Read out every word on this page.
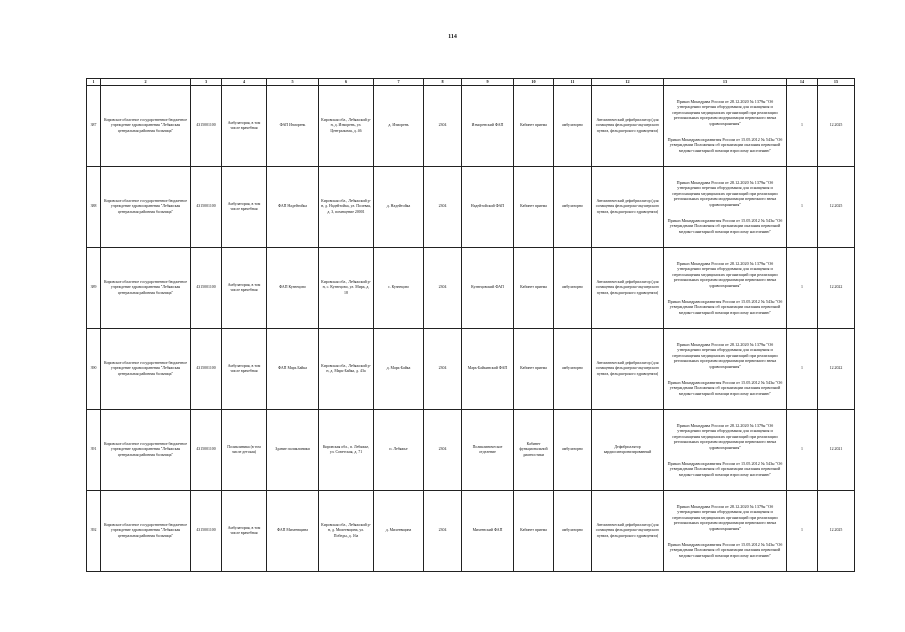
114
1	2	3	4	5	6	7	8	9	10	11	12	13	14	15
387	Кировское областное государственное бюджетное учреждение здравоохранения "Лебяжская центральная районная больница"	4315001100	Амбулатория, в том числе врачебная	ФАП Изморень	Кировская обл., Лебяжский р-н, д. Изморень, ул. Центральная, д. 46	д. Изморень	2304	Изморенский ФАП	Кабинет приема	амбулаторно	Автоматический дефибриллятор (для оснащения фельдшерско-акушерского пункта, фельдшерского здравпункта)	Приказ Минздрава России от 28.12.2020 № 1379н "Об утверждении перечня оборудования для оснащения и переоснащения медицинских организаций при реализации региональных программ модернизации первичного звена здравоохранения"
Приказ Минздравсоцразвития России от 15.05.2012 № 543н "Об утверждении Положения об организации оказания первичной медико-санитарной помощи взрослому населению"	1	12.2025
388	Кировское областное государственное бюджетное учреждение здравоохранения "Лебяжская центральная районная больница"	4315001100	Амбулатория, в том числе врачебная	ФАП Надейтойка	Кировская обл., Лебяжский р-н, д. Надейтойка, ул. Полевая, д. 3, помещение 20001	д. Надейтойка	2304	Надейтойский ФАП	Кабинет приема	амбулаторно	Автоматический дефибриллятор (для оснащения фельдшерско-акушерского пункта, фельдшерского здравпункта)	Приказ Минздрава России от 28.12.2020 № 1379н "Об утверждении перечня оборудования для оснащения и переоснащения медицинских организаций при реализации региональных программ модернизации первичного звена здравоохранения"
Приказ Минздравсоцразвития России от 15.05.2012 № 543н "Об утверждении Положения об организации оказания первичной медико-санитарной помощи взрослому населению"	1	12.2025
389	Кировское областное государственное бюджетное учреждение здравоохранения "Лебяжская центральная районная больница"	4315001100	Амбулатория, в том числе врачебная	ФАП Кузнецово	Кировская обл., Лебяжский р-н, с. Кузнецово, ул. Мира, д. 18	с. Кузнецово	2304	Кузнецовский ФАП	Кабинет приема	амбулаторно	Автоматический дефибриллятор (для оснащения фельдшерско-акушерского пункта, фельдшерского здравпункта)	Приказ Минздрава России от 28.12.2020 № 1379н "Об утверждении перечня оборудования для оснащения и переоснащения медицинских организаций при реализации региональных программ модернизации первичного звена здравоохранения"
Приказ Минздравсоцразвития России от 15.05.2012 № 543н "Об утверждении Положения об организации оказания первичной медико-санитарной помощи взрослому населению"	1	12.2022
390	Кировское областное государственное бюджетное учреждение здравоохранения "Лебяжская центральная районная больница"	4315001100	Амбулатория, в том числе врачебная	ФАП Марь Байка	Кировская обл., Лебяжский р-н, д. Марь-Байка, д. 43а	д. Марь-Байка	2304	Марь-Байкинский ФАП	Кабинет приема	амбулаторно	Автоматический дефибриллятор (для оснащения фельдшерско-акушерского пункта, фельдшерского здравпункта)	Приказ Минздрава России от 28.12.2020 № 1379н "Об утверждении перечня оборудования для оснащения и переоснащения медицинских организаций при реализации региональных программ модернизации первичного звена здравоохранения"
Приказ Минздравсоцразвития России от 15.05.2012 № 543н "Об утверждении Положения об организации оказания первичной медико-санитарной помощи взрослому населению"	1	12.2022
391	Кировское областное государственное бюджетное учреждение здравоохранения "Лебяжская центральная районная больница"	4315001100	Поликлиника (в том числе детская)	Здание поликлиники	Кировская обл., п. Лебяжье, ул. Советская, д. 71	п. Лебяжье	2304	Поликлиническое отделение	Кабинет функциональной диагностики	амбулаторно	Дефибриллятор кардиосинхронизированный	Приказ Минздрава России от 28.12.2020 № 1379н "Об утверждении перечня оборудования для оснащения и переоснащения медицинских организаций при реализации региональных программ модернизации первичного звена здравоохранения"
Приказ Минздравсоцразвития России от 15.05.2012 № 543н "Об утверждении Положения об организации оказания первичной медико-санитарной помощи взрослому населению"	1	12.2021
392	Кировское областное государственное бюджетное учреждение здравоохранения "Лебяжская центральная районная больница"	4315001100	Амбулатория, в том числе врачебная	ФАП Михеевщина	Кировская обл., Лебяжский р-н, д. Михеевщина, ул. Победы, д. 16а	д. Михеевщина	2304	Михеевский ФАП	Кабинет приема	амбулаторно	Автоматический дефибриллятор (для оснащения фельдшерско-акушерского пункта, фельдшерского здравпункта)	Приказ Минздрава России от 28.12.2020 № 1379н "Об утверждении перечня оборудования для оснащения и переоснащения медицинских организаций при реализации региональных программ модернизации первичного звена здравоохранения"
Приказ Минздравсоцразвития России от 15.05.2012 № 543н "Об утверждении Положения об организации оказания первичной медико-санитарной помощи взрослому населению"	1	12.2025
